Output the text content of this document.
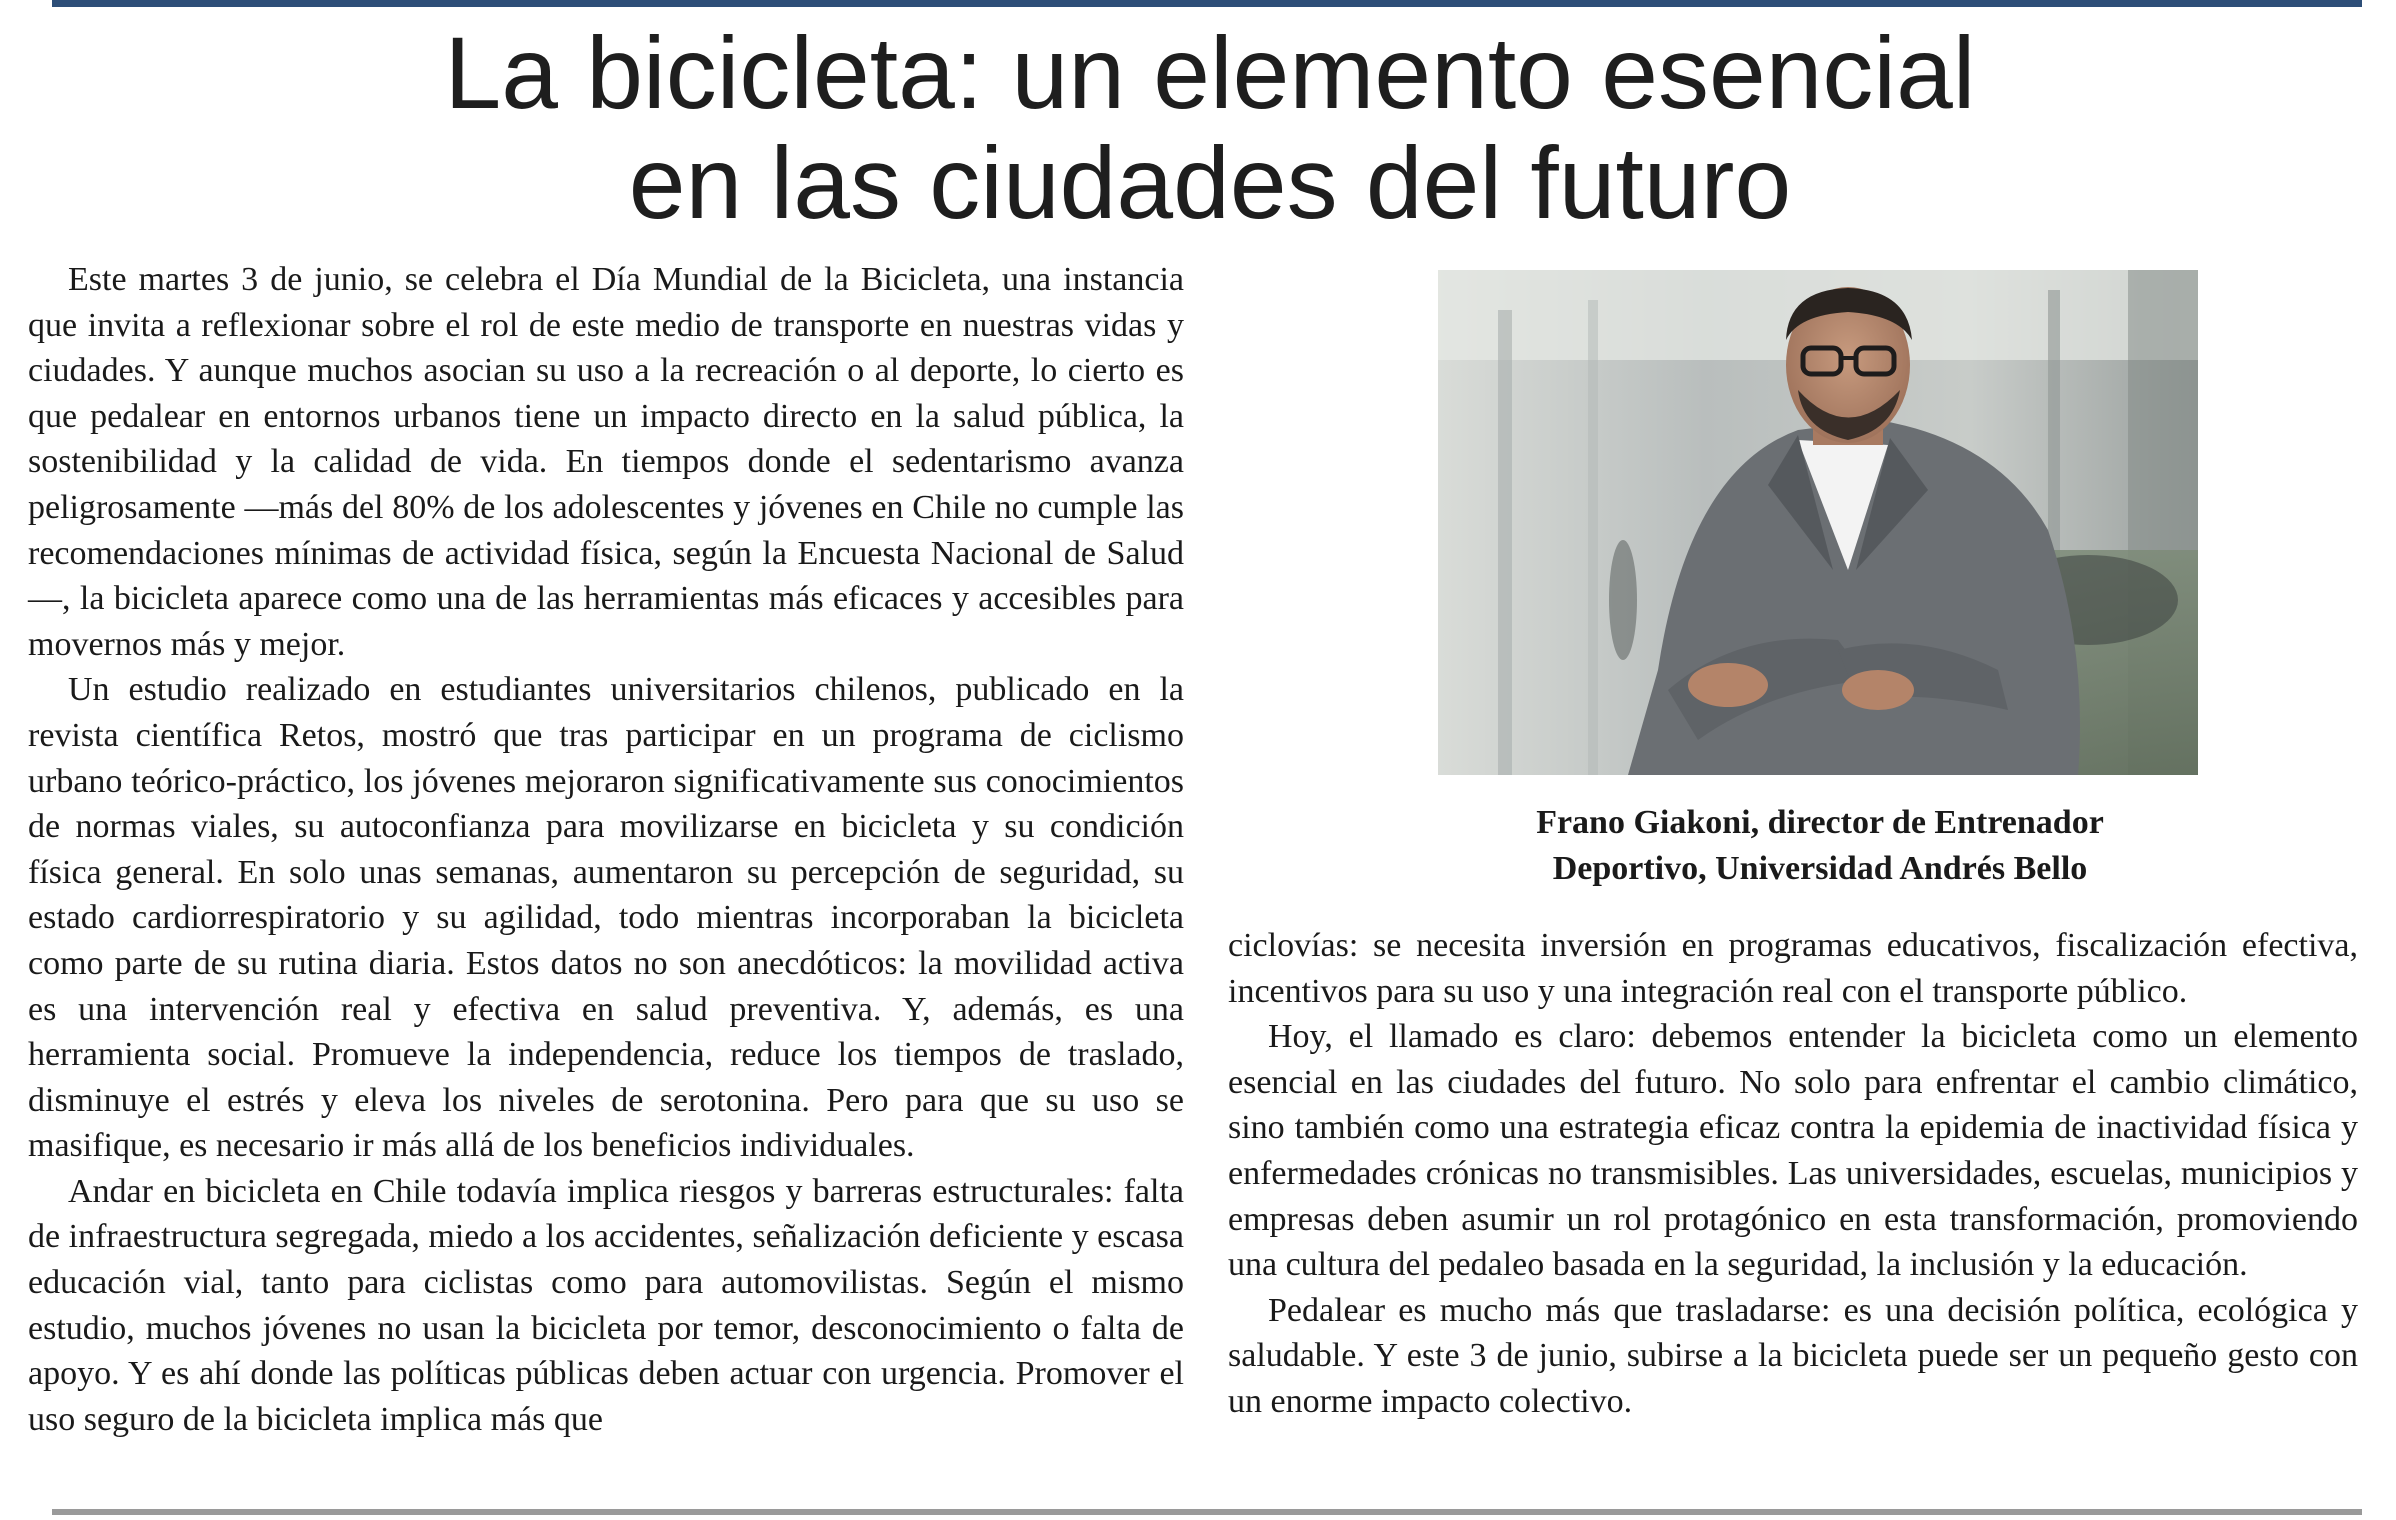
La bicicleta: un elemento esencial
en las ciudades del futuro

Este martes 3 de junio, se celebra el Día Mundial de la Bicicleta, una instancia que invita a reflexionar sobre el rol de este medio de transporte en nuestras vidas y ciudades. Y aunque muchos asocian su uso a la recreación o al deporte, lo cierto es que pedalear en entornos urbanos tiene un impacto directo en la salud pública, la sostenibilidad y la calidad de vida. En tiempos donde el sedentarismo avanza peligrosamente —más del 80% de los adolescentes y jóvenes en Chile no cumple las recomendaciones mínimas de actividad física, según la Encuesta Nacional de Salud—, la bicicleta aparece como una de las herramientas más eficaces y accesibles para movernos más y mejor.

Un estudio realizado en estudiantes universitarios chilenos, publicado en la revista científica Retos, mostró que tras participar en un programa de ciclismo urbano teórico-práctico, los jóvenes mejoraron significativamente sus conocimientos de normas viales, su autoconfianza para movilizarse en bicicleta y su condición física general. En solo unas semanas, aumentaron su percepción de seguridad, su estado cardiorrespiratorio y su agilidad, todo mientras incorporaban la bicicleta como parte de su rutina diaria. Estos datos no son anecdóticos: la movilidad activa es una intervención real y efectiva en salud preventiva. Y, además, es una herramienta social. Promueve la independencia, reduce los tiempos de traslado, disminuye el estrés y eleva los niveles de serotonina. Pero para que su uso se masifique, es necesario ir más allá de los beneficios individuales.

Andar en bicicleta en Chile todavía implica riesgos y barreras estructurales: falta de infraestructura segregada, miedo a los accidentes, señalización deficiente y escasa educación vial, tanto para ciclistas como para automovilistas. Según el mismo estudio, muchos jóvenes no usan la bicicleta por temor, desconocimiento o falta de apoyo. Y es ahí donde las políticas públicas deben actuar con urgencia. Promover el uso seguro de la bicicleta implica más que

Frano Giakoni, director de Entrenador
Deportivo, Universidad Andrés Bello

ciclovías: se necesita inversión en programas educativos, fiscalización efectiva, incentivos para su uso y una integración real con el transporte público.

Hoy, el llamado es claro: debemos entender la bicicleta como un elemento esencial en las ciudades del futuro. No solo para enfrentar el cambio climático, sino también como una estrategia eficaz contra la epidemia de inactividad física y enfermedades crónicas no transmisibles. Las universidades, escuelas, municipios y empresas deben asumir un rol protagónico en esta transformación, promoviendo una cultura del pedaleo basada en la seguridad, la inclusión y la educación.

Pedalear es mucho más que trasladarse: es una decisión política, ecológica y saludable. Y este 3 de junio, subirse a la bicicleta puede ser un pequeño gesto con un enorme impacto colectivo.
